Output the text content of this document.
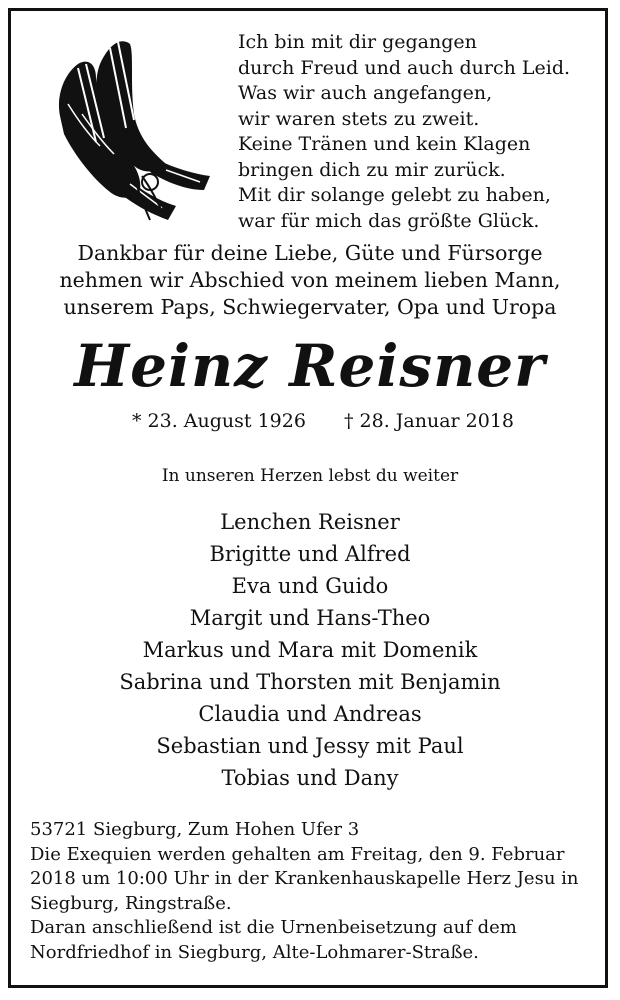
Ich bin mit dir gegangen
durch Freud und auch durch Leid.
Was wir auch angefangen,
wir waren stets zu zweit.
Keine Tränen und kein Klagen
bringen dich zu mir zurück.
Mit dir solange gelebt zu haben,
war für mich das größte Glück.
Dankbar für deine Liebe, Güte und Fürsorge
nehmen wir Abschied von meinem lieben Mann,
unserem Paps, Schwiegervater, Opa und Uropa
Heinz Reisner
* 23. August 1926 † 28. Januar 2018
In unseren Herzen lebst du weiter
Lenchen Reisner
Brigitte und Alfred
Eva und Guido
Margit und Hans-Theo
Markus und Mara mit Domenik
Sabrina und Thorsten mit Benjamin
Claudia und Andreas
Sebastian und Jessy mit Paul
Tobias und Dany
53721 Siegburg, Zum Hohen Ufer 3
Die Exequien werden gehalten am Freitag, den 9. Februar
2018 um 10:00 Uhr in der Krankenhauskapelle Herz Jesu in
Siegburg, Ringstraße.
Daran anschließend ist die Urnenbeisetzung auf dem
Nordfriedhof in Siegburg, Alte-Lohmarer-Straße.
